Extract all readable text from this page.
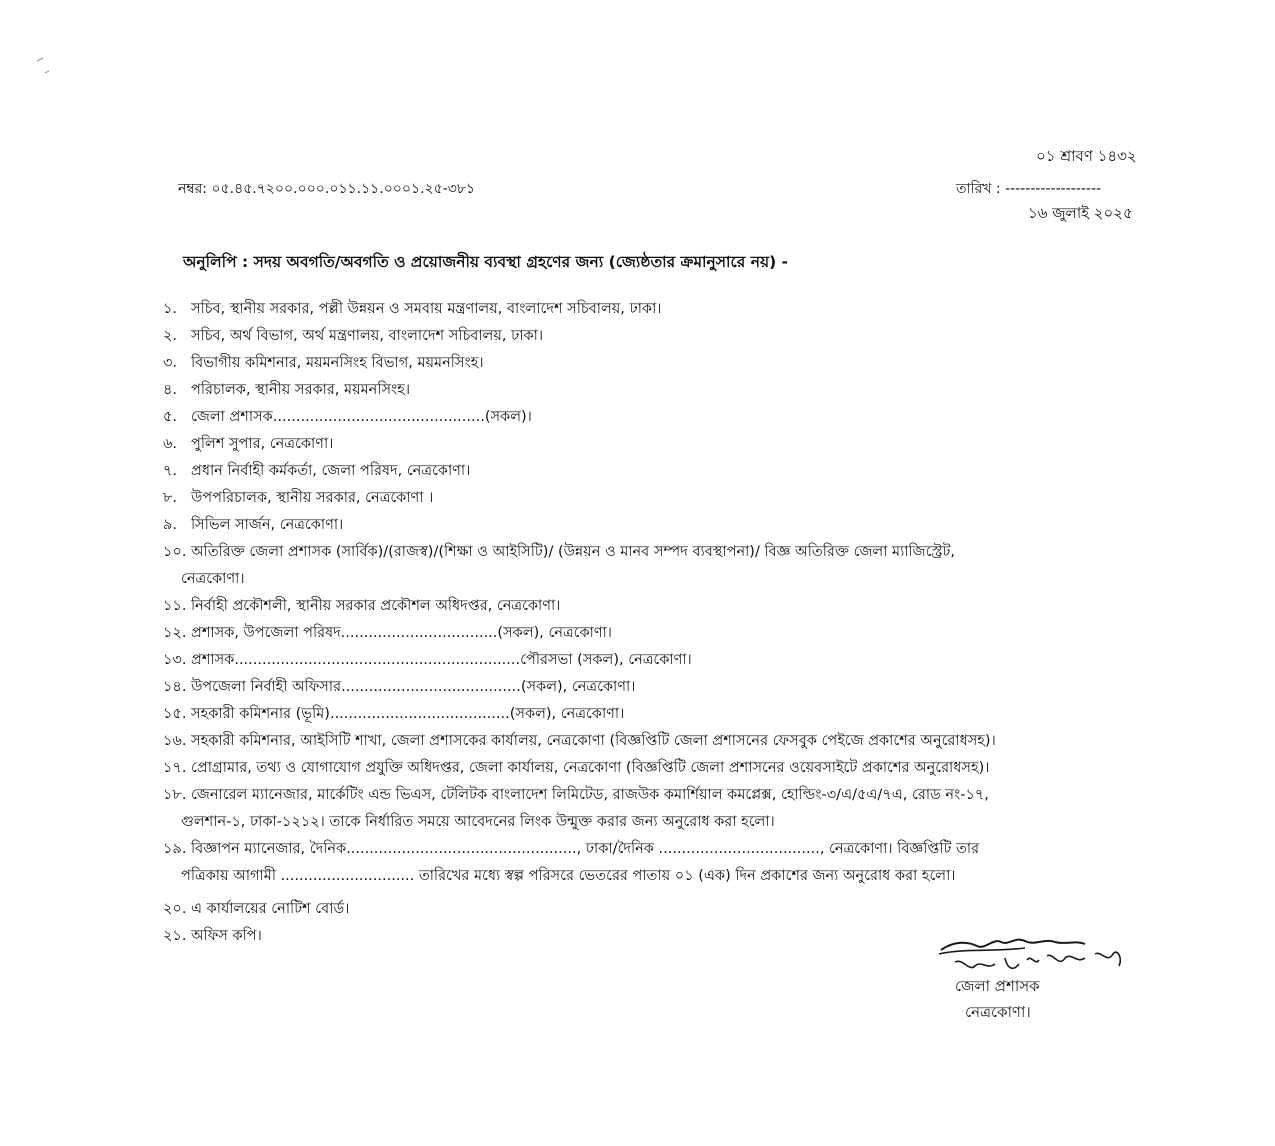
০১ শ্রাবণ ১৪৩২
নম্বর: ০৫.৪৫.৭২০০.০০০.০১১.১১.০০০১.২৫-৩৮১	তারিখ : -------------------
১৬ জুলাই ২০২৫
অনুলিপি : সদয় অবগতি/অবগতি ও প্রয়োজনীয় ব্যবস্থা গ্রহণের জন্য (জ্যেষ্ঠতার ক্রমানুসারে নয়) -
১. সচিব, স্থানীয় সরকার, পল্লী উন্নয়ন ও সমবায় মন্ত্রণালয়, বাংলাদেশ সচিবালয়, ঢাকা।
২. সচিব, অর্থ বিভাগ, অর্থ মন্ত্রণালয়, বাংলাদেশ সচিবালয়, ঢাকা।
৩. বিভাগীয় কমিশনার, ময়মনসিংহ বিভাগ, ময়মনসিংহ।
৪. পরিচালক, স্থানীয় সরকার, ময়মনসিংহ।
৫. জেলা প্রশাসক..............................................(সকল)।
৬. পুলিশ সুপার, নেত্রকোণা।
৭. প্রধান নির্বাহী কর্মকর্তা, জেলা পরিষদ, নেত্রকোণা।
৮. উপপরিচালক, স্থানীয় সরকার, নেত্রকোণা ।
৯. সিভিল সার্জন, নেত্রকোণা।
১০. অতিরিক্ত জেলা প্রশাসক (সার্বিক)/(রাজস্ব)/(শিক্ষা ও আইসিটি)/ (উন্নয়ন ও মানব সম্পদ ব্যবস্থাপনা)/ বিজ্ঞ অতিরিক্ত জেলা ম্যাজিস্ট্রেট,
নেত্রকোণা।
১১. নির্বাহী প্রকৌশলী, স্থানীয় সরকার প্রকৌশল অধিদপ্তর, নেত্রকোণা।
১২. প্রশাসক, উপজেলা পরিষদ..................................(সকল), নেত্রকোণা।
১৩. প্রশাসক..............................................................পৌরসভা (সকল), নেত্রকোণা।
১৪. উপজেলা নির্বাহী অফিসার.......................................(সকল), নেত্রকোণা।
১৫. সহকারী কমিশনার (ভূমি).......................................(সকল), নেত্রকোণা।
১৬. সহকারী কমিশনার, আইসিটি শাখা, জেলা প্রশাসকের কার্যালয়, নেত্রকোণা (বিজ্ঞপ্তিটি জেলা প্রশাসনের ফেসবুক পেইজে প্রকাশের অনুরোধসহ)।
১৭. প্রোগ্রামার, তথ্য ও যোগাযোগ প্রযুক্তি অধিদপ্তর, জেলা কার্যালয়, নেত্রকোণা (বিজ্ঞপ্তিটি জেলা প্রশাসনের ওয়েবসাইটে প্রকাশের অনুরোধসহ)।
১৮. জেনারেল ম্যানেজার, মার্কেটিং এন্ড ভিএস, টেলিটক বাংলাদেশ লিমিটেড, রাজউক কমার্শিয়াল কমপ্লেক্স, হোল্ডিং-৩/এ/৫এ/৭এ, রোড নং-১৭,
গুলশান-১, ঢাকা-১২১২। তাকে নির্ধারিত সময়ে আবেদনের লিংক উন্মুক্ত করার জন্য অনুরোধ করা হলো।
১৯. বিজ্ঞাপন ম্যানেজার, দৈনিক.................................................., ঢাকা/দৈনিক ..................................., নেত্রকোণা। বিজ্ঞপ্তিটি তার
পত্রিকায় আগামী ............................. তারিখের মধ্যে স্বল্প পরিসরে ভেতরের পাতায় ০১ (এক) দিন প্রকাশের জন্য অনুরোধ করা হলো।
২০. এ কার্যালয়ের নোটিশ বোর্ড।
২১. অফিস কপি।
জেলা প্রশাসক
নেত্রকোণা।
